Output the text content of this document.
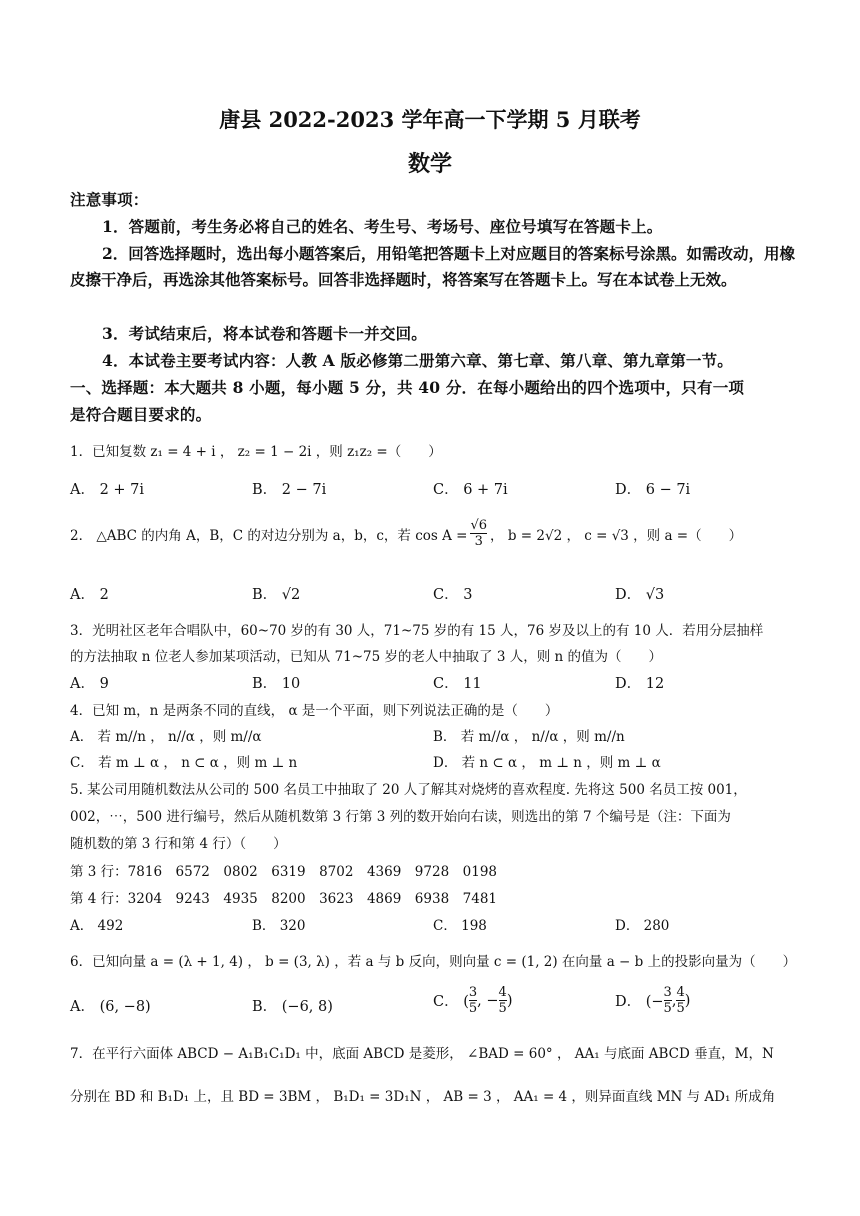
唐县 2022-2023 学年高一下学期 5 月联考
数学
注意事项：
1．答题前，考生务必将自己的姓名、考生号、考场号、座位号填写在答题卡上。
2．回答选择题时，选出每小题答案后，用铅笔把答题卡上对应题目的答案标号涂黑。如需改动，用橡皮擦干净后，再选涂其他答案标号。回答非选择题时，将答案写在答题卡上。写在本试卷上无效。
3．考试结束后，将本试卷和答题卡一并交回。
4．本试卷主要考试内容：人教 A 版必修第二册第六章、第七章、第八章、第九章第一节。
一、选择题：本大题共 8 小题，每小题 5 分，共 40 分．在每小题给出的四个选项中，只有一项
是符合题目要求的。
1．已知复数 z₁ = 4 + i ， z₂ = 1 − 2i ，则 z₁z₂ =（　　）
A． 2 + 7i	B． 2 − 7i	C． 6 + 7i	D． 6 − 7i
2． △ABC 的内角 A，B，C 的对边分别为 a，b，c，若 $\cos A = \frac{√6}{3}$ ， b = 2√2 ， c = √3 ，则 a =（　　）
A． 2	B． √2	C． 3	D． √3
3．光明社区老年合唱队中，60~70 岁的有 30 人，71~75 岁的有 15 人，76 岁及以上的有 10 人．若用分层抽样
的方法抽取 n 位老人参加某项活动，已知从 71~75 岁的老人中抽取了 3 人，则 n 的值为（　　）
A． 9	B． 10	C． 11	D． 12
4．已知 m，n 是两条不同的直线， α 是一个平面，则下列说法正确的是（　　）
A． 若 m//n ， n//α ，则 m//α	B． 若 m//α ， n//α ，则 m//n
C． 若 m ⊥ α ， n ⊂ α ，则 m ⊥ n	D． 若 n ⊂ α ， m ⊥ n ，则 m ⊥ α
5. 某公司用随机数法从公司的 500 名员工中抽取了 20 人了解其对烧烤的喜欢程度. 先将这 500 名员工按 001，
002，⋯，500 进行编号，然后从随机数第 3 行第 3 列的数开始向右读，则选出的第 7 个编号是（注：下面为
随机数的第 3 行和第 4 行）（　　）
第 3 行：7816　6572　0802　6319　8702　4369　9728　0198
第 4 行：3204　9243　4935　8200　3623　4869　6938　7481
A． 492	B． 320	C． 198	D． 280
6．已知向量 a = (λ + 1, 4) ， b = (3, λ) ，若 a 与 b 反向，则向量 c = (1, 2) 在向量 a − b 上的投影向量为（　　）
A． (6, −8)	B． (−6, 8)	C． ( $\frac{3}{5}$ , − $\frac{4}{5}$ )	D． (− $\frac{3}{5}$ , $\frac{4}{5}$ )
7．在平行六面体 ABCD − A₁B₁C₁D₁ 中，底面 ABCD 是菱形， ∠BAD = 60° ， AA₁ 与底面 ABCD 垂直，M，N
分别在 BD 和 B₁D₁ 上，且 BD = 3BM ， B₁D₁ = 3D₁N ， AB = 3 ， AA₁ = 4 ，则异面直线 MN 与 AD₁ 所成角
